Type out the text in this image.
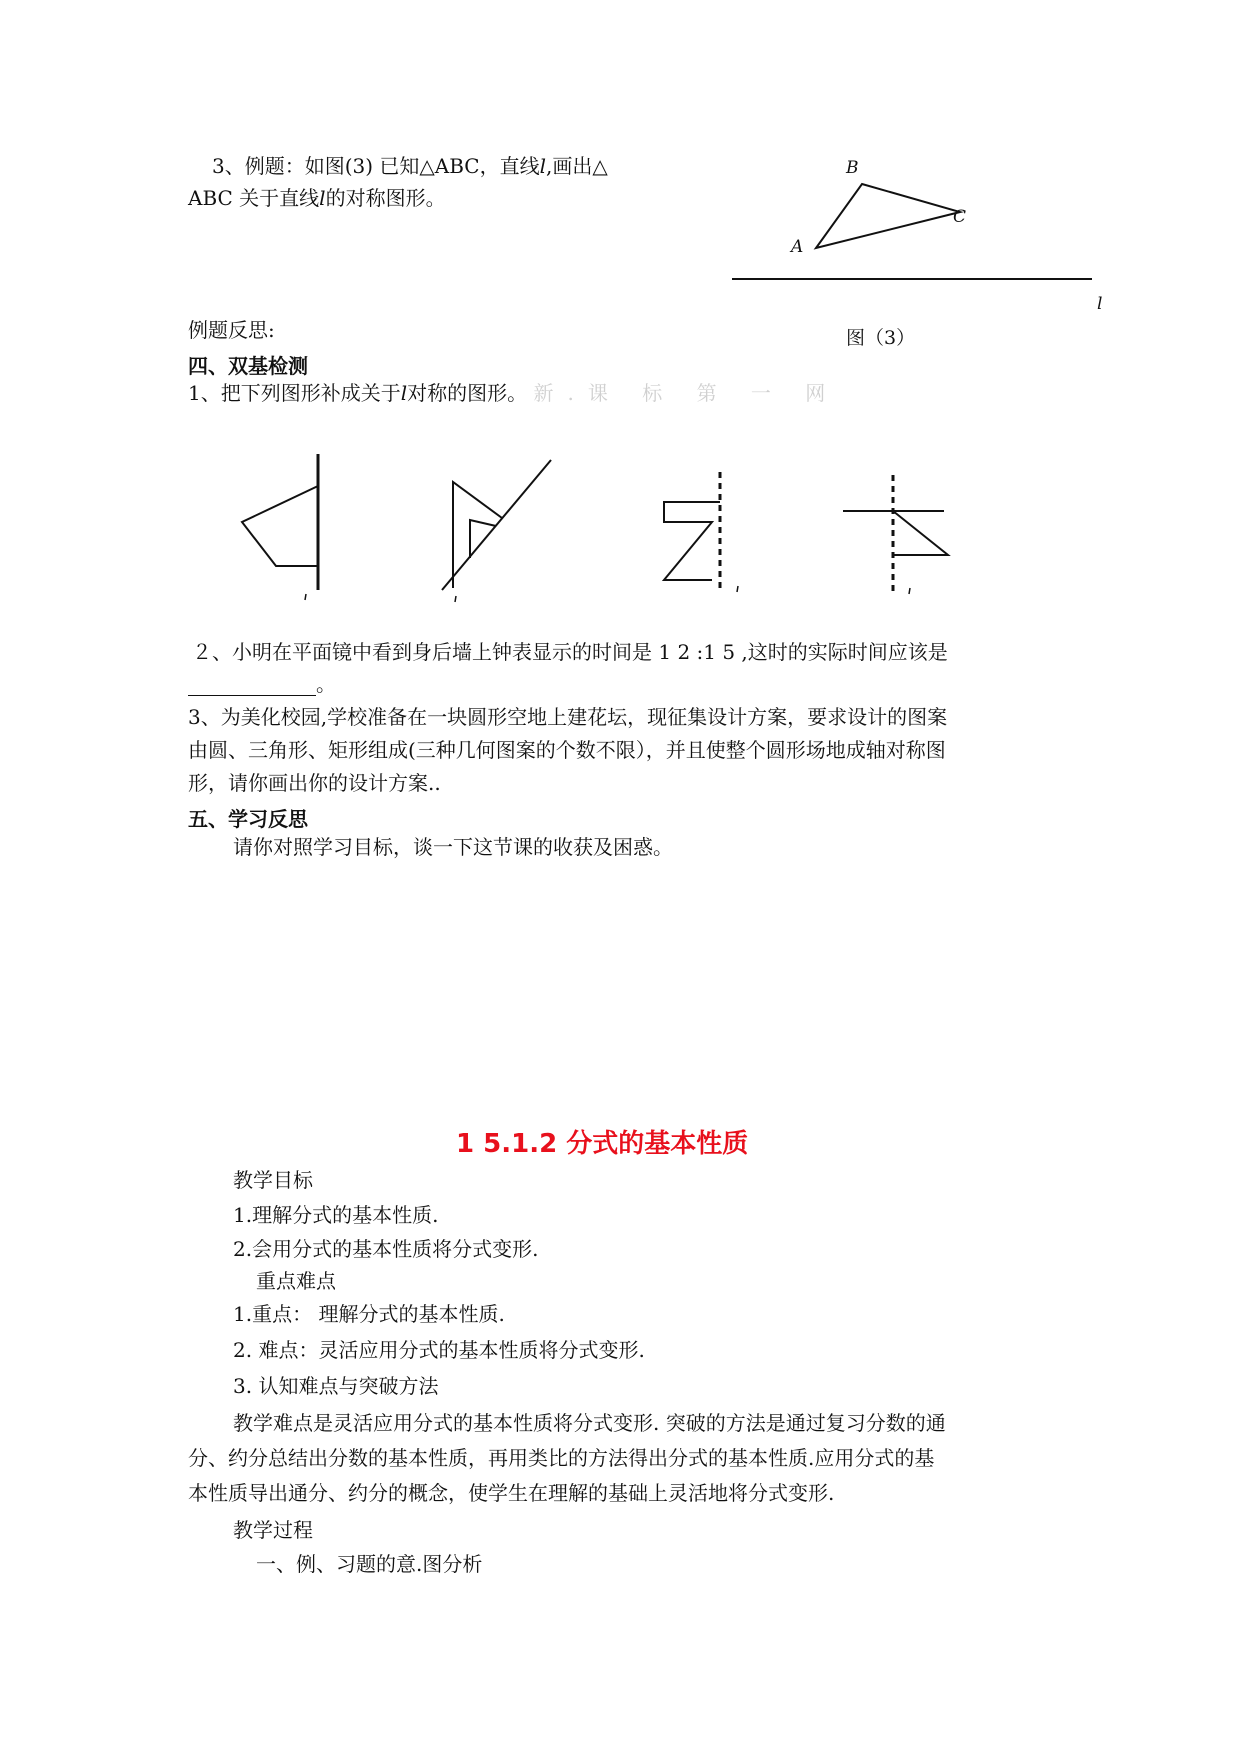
3、例题：如图(3) 已知△ABC，直线l,画出△
ABC 关于直线l的对称图形。
B
C
A
l
图（3）
例题反思:
四、双基检测
1、把下列图形补成关于l对称的图形。 新.课 标 第 一 网
２、小明在平面镜中看到身后墙上钟表显示的时间是 1 2 :1 5 ,这时的实际时间应该是
。
3、为美化校园,学校准备在一块圆形空地上建花坛，现征集设计方案，要求设计的图案
由圆、三角形、矩形组成(三种几何图案的个数不限），并且使整个圆形场地成轴对称图
形，请你画出你的设计方案..
五、学习反思
请你对照学习目标，谈一下这节课的收获及困惑。
1 5.1.2 分式的基本性质
教学目标
1.理解分式的基本性质.
2.会用分式的基本性质将分式变形.
重点难点
1.重点： 理解分式的基本性质.
2. 难点：灵活应用分式的基本性质将分式变形.
3. 认知难点与突破方法
教学难点是灵活应用分式的基本性质将分式变形. 突破的方法是通过复习分数的通
分、约分总结出分数的基本性质，再用类比的方法得出分式的基本性质.应用分式的基
本性质导出通分、约分的概念，使学生在理解的基础上灵活地将分式变形.
教学过程
一、例、习题的意.图分析
